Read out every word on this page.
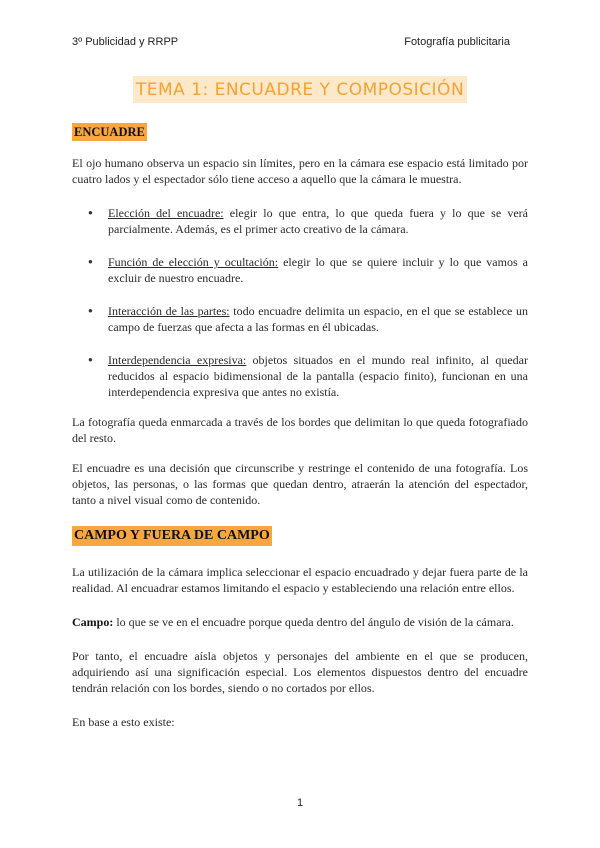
3º Publicidad y RRPP	Fotografía publicitaria
TEMA 1: ENCUADRE Y COMPOSICIÓN
ENCUADRE

El ojo humano observa un espacio sin límites, pero en la cámara ese espacio está limitado por cuatro lados y el espectador sólo tiene acceso a aquello que la cámara le muestra.

● Elección del encuadre: elegir lo que entra, lo que queda fuera y lo que se verá parcialmente. Además, es el primer acto creativo de la cámara.
● Función de elección y ocultación: elegir lo que se quiere incluir y lo que vamos a excluir de nuestro encuadre.
● Interacción de las partes: todo encuadre delimita un espacio, en el que se establece un campo de fuerzas que afecta a las formas en él ubicadas.
● Interdependencia expresiva: objetos situados en el mundo real infinito, al quedar reducidos al espacio bidimensional de la pantalla (espacio finito), funcionan en una interdependencia expresiva que antes no existía.

La fotografía queda enmarcada a través de los bordes que delimitan lo que queda fotografiado del resto.

El encuadre es una decisión que circunscribe y restringe el contenido de una fotografía. Los objetos, las personas, o las formas que quedan dentro, atraerán la atención del espectador, tanto a nivel visual como de contenido.

CAMPO Y FUERA DE CAMPO

La utilización de la cámara implica seleccionar el espacio encuadrado y dejar fuera parte de la realidad. Al encuadrar estamos limitando el espacio y estableciendo una relación entre ellos.

Campo: lo que se ve en el encuadre porque queda dentro del ángulo de visión de la cámara.

Por tanto, el encuadre aísla objetos y personajes del ambiente en el que se producen, adquiriendo así una significación especial. Los elementos dispuestos dentro del encuadre tendrán relación con los bordes, siendo o no cortados por ellos.

En base a esto existe:

1
